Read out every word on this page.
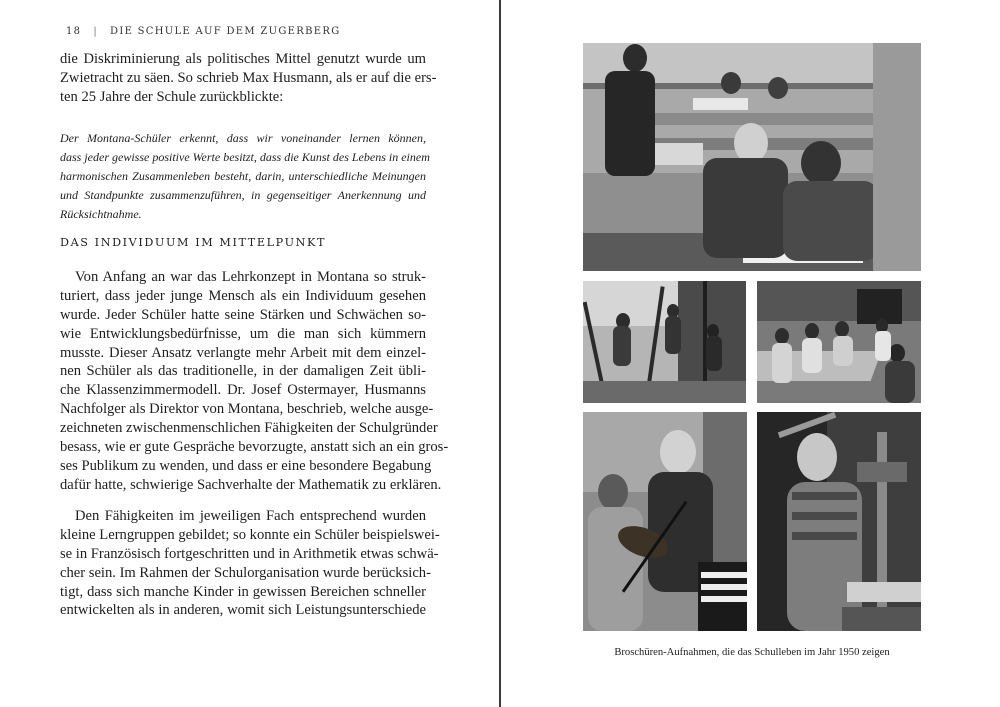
18 | DIE SCHULE AUF DEM ZUGERBERG
die Diskriminierung als politisches Mittel genutzt wurde um
Zwietracht zu säen. So schrieb Max Husmann, als er auf die ers-
ten 25 Jahre der Schule zurückblickte:
Der Montana-Schüler erkennt, dass wir voneinander lernen können,
dass jeder gewisse positive Werte besitzt, dass die Kunst des Lebens in einem
harmonischen Zusammenleben besteht, darin, unterschiedliche Meinungen
und Standpunkte zusammenzuführen, in gegenseitiger Anerkennung und
Rücksichtnahme.
DAS INDIVIDUUM IM MITTELPUNKT
Von Anfang an war das Lehrkonzept in Montana so struk-
turiert, dass jeder junge Mensch als ein Individuum gesehen
wurde. Jeder Schüler hatte seine Stärken und Schwächen so-
wie Entwicklungsbedürfnisse, um die man sich kümmern
musste. Dieser Ansatz verlangte mehr Arbeit mit dem einzel-
nen Schüler als das traditionelle, in der damaligen Zeit übli-
che Klassenzimmermodell. Dr. Josef Ostermayer, Husmanns
Nachfolger als Direktor von Montana, beschrieb, welche ausge-
zeichneten zwischenmenschlichen Fähigkeiten der Schulgründer
besass, wie er gute Gespräche bevorzugte, anstatt sich an ein gros-
ses Publikum zu wenden, und dass er eine besondere Begabung
dafür hatte, schwierige Sachverhalte der Mathematik zu erklären.
Den Fähigkeiten im jeweiligen Fach entsprechend wurden
kleine Lerngruppen gebildet; so konnte ein Schüler beispielswei-
se in Französisch fortgeschritten und in Arithmetik etwas schwä-
cher sein. Im Rahmen der Schulorganisation wurde berücksich-
tigt, dass sich manche Kinder in gewissen Bereichen schneller
entwickelten als in anderen, womit sich Leistungsunterschiede
Broschüren-Aufnahmen, die das Schulleben im Jahr 1950 zeigen
